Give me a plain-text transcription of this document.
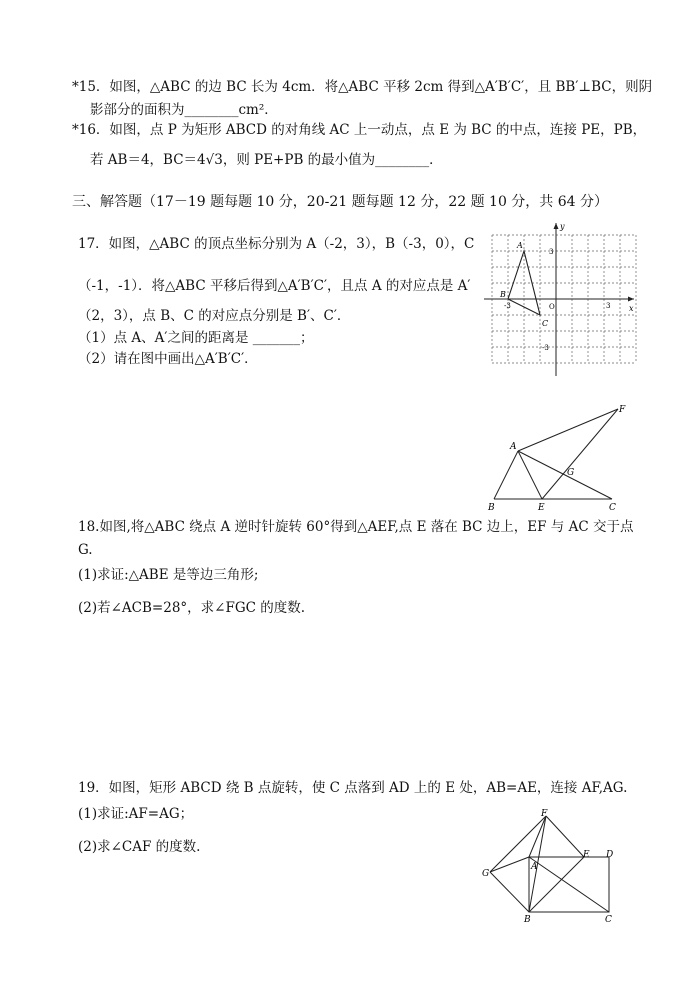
*15．如图，△ABC 的边 BC 长为 4cm．将△ABC 平移 2cm 得到△A′B′C′，且 BB′⊥BC，则阴
影部分的面积为________cm²．
*16．如图，点 P 为矩形 ABCD 的对角线 AC 上一动点，点 E 为 BC 的中点，连接 PE，PB，
若 AB＝4，BC＝4√3，则 PE+PB 的最小值为________．
三、解答题（17－19 题每题 10 分，20-21 题每题 12 分，22 题 10 分，共 64 分）
17．如图，△ABC 的顶点坐标分别为 A（-2，3），B（-3，0），C
（-1，-1）．将△ABC 平移后得到△A′B′C′，且点 A 的对应点是 A′
（2，3），点 B、C 的对应点分别是 B′、C′．
（1）点 A、A′之间的距离是 _______；
（2）请在图中画出△A′B′C′．
x
y
O	3
-3
3
-3
A
B
C
A
B	E	C
F
G
18.如图,将△ABC 绕点 A 逆时针旋转 60°得到△AEF,点 E 落在 BC 边上，EF 与 AC 交于点
G.
(1)求证:△ABE 是等边三角形;
(2)若∠ACB=28°，求∠FGC 的度数.
19．如图，矩形 ABCD 绕 B 点旋转，使 C 点落到 AD 上的 E 处，AB=AE，连接 AF,AG.
(1)求证:AF=AG；
(2)求∠CAF 的度数.
F
E D
A
G
B	C
